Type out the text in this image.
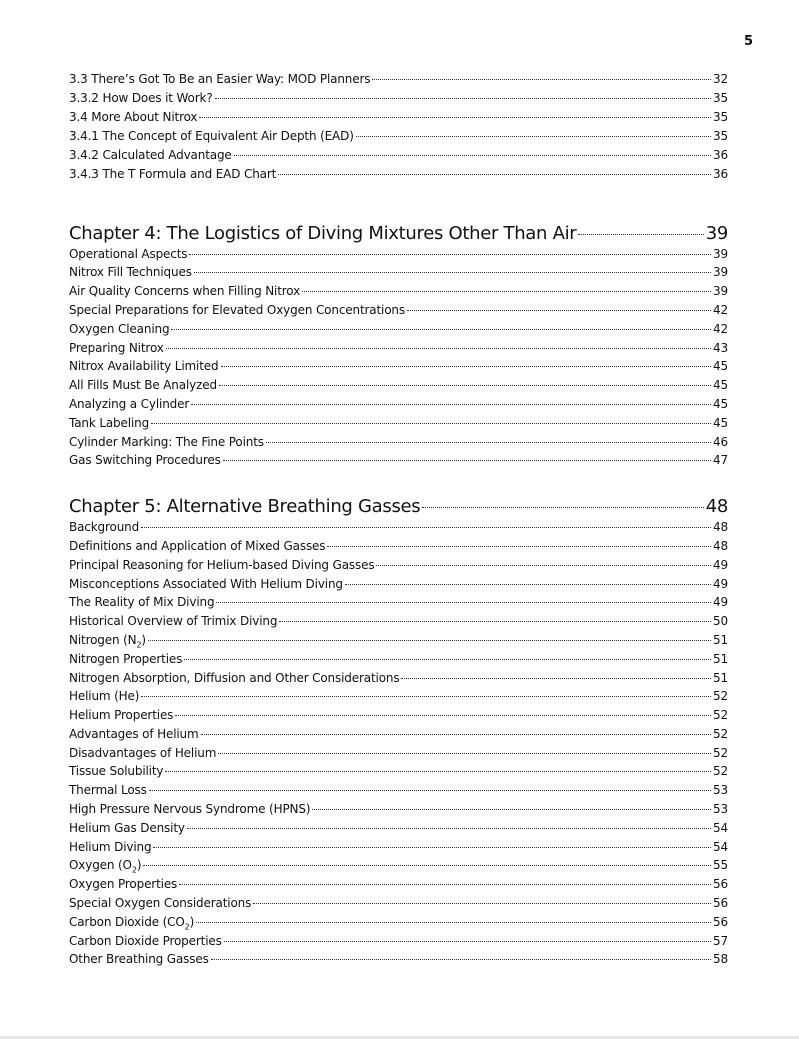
5
3.3 There’s Got To Be an Easier Way: MOD Planners	32
3.3.2 How Does it Work?	35
3.4 More About Nitrox	35
3.4.1 The Concept of Equivalent Air Depth (EAD)	35
3.4.2 Calculated Advantage	36
3.4.3 The T Formula and EAD Chart	36
Chapter 4: The Logistics of Diving Mixtures Other Than Air	39
Operational Aspects	39
Nitrox Fill Techniques	39
Air Quality Concerns when Filling Nitrox	39
Special Preparations for Elevated Oxygen Concentrations	42
Oxygen Cleaning	42
Preparing Nitrox	43
Nitrox Availability Limited	45
All Fills Must Be Analyzed	45
Analyzing a Cylinder	45
Tank Labeling	45
Cylinder Marking: The Fine Points	46
Gas Switching Procedures	47
Chapter 5: Alternative Breathing Gasses	48
Background	48
Definitions and Application of Mixed Gasses	48
Principal Reasoning for Helium-based Diving Gasses	49
Misconceptions Associated With Helium Diving	49
The Reality of Mix Diving	49
Historical Overview of Trimix Diving	50
Nitrogen $(N_2)$	51
Nitrogen Properties	51
Nitrogen Absorption, Diffusion and Other Considerations	51
Helium (He)	52
Helium Properties	52
Advantages of Helium	52
Disadvantages of Helium	52
Tissue Solubility	52
Thermal Loss	53
High Pressure Nervous Syndrome (HPNS)	53
Helium Gas Density	54
Helium Diving	54
Oxygen $(O_2)$	55
Oxygen Properties	56
Special Oxygen Considerations	56
Carbon Dioxide $(CO_2)$	56
Carbon Dioxide Properties	57
Other Breathing Gasses	58
